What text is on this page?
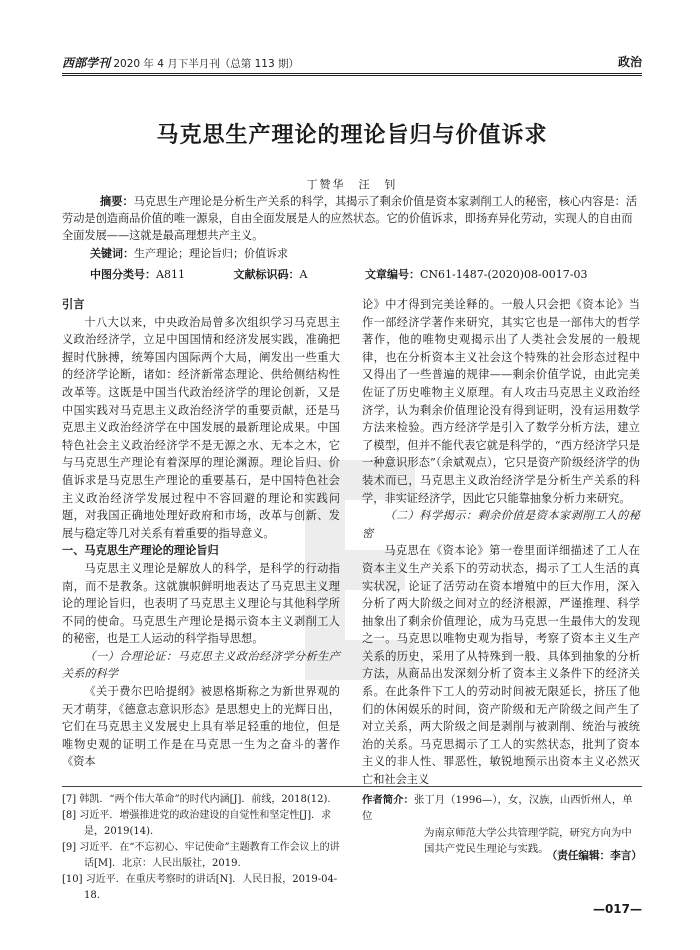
西部学刊 2020 年 4 月下半月刊（总第 113 期）	政治
马克思生产理论的理论旨归与价值诉求
丁赞华　汪　钊
摘要：马克思生产理论是分析生产关系的科学，其揭示了剩余价值是资本家剥削工人的秘密，核心内容是：活劳动是创造商品价值的唯一源泉，自由全面发展是人的应然状态。它的价值诉求，即扬弃异化劳动，实现人的自由而全面发展——这就是最高理想共产主义。
关键词：生产理论；理论旨归；价值诉求
中图分类号：A811	文献标识码：A	文章编号：CN61-1487-(2020)08-0017-03
引言

十八大以来，中央政治局曾多次组织学习马克思主义政治经济学，立足中国国情和经济发展实践，准确把握时代脉搏，统筹国内国际两个大局，阐发出一些重大的经济学论断，诸如：经济新常态理论、供给侧结构性改革等。这既是中国当代政治经济学的理论创新，又是中国实践对马克思主义政治经济学的重要贡献，还是马克思主义政治经济学在中国发展的最新理论成果。中国特色社会主义政治经济学不是无源之水、无本之木，它与马克思生产理论有着深厚的理论渊源。理论旨归、价值诉求是马克思生产理论的重要基石，是中国特色社会主义政治经济学发展过程中不容回避的理论和实践问题，对我国正确地处理好政府和市场，改革与创新、发展与稳定等几对关系有着重要的指导意义。

一、马克思生产理论的理论旨归

马克思主义理论是解放人的科学，是科学的行动指南，而不是教条。这就旗帜鲜明地表达了马克思主义理论的理论旨归，也表明了马克思主义理论与其他科学所不同的使命。马克思生产理论是揭示资本主义剥削工人的秘密，也是工人运动的科学指导思想。

（一）合理论证：马克思主义政治经济学分析生产关系的科学

《关于费尔巴哈提纲》被恩格斯称之为新世界观的天才萌芽，《德意志意识形态》是思想史上的光辉日出，它们在马克思主义发展史上具有举足轻重的地位，但是唯物史观的证明工作是在马克思一生为之奋斗的著作《资本

论》中才得到完美诠释的。一般人只会把《资本论》当作一部经济学著作来研究，其实它也是一部伟大的哲学著作，他的唯物史观揭示出了人类社会发展的一般规律，也在分析资本主义社会这个特殊的社会形态过程中又得出了一些普遍的规律——剩余价值学说，由此完美佐证了历史唯物主义原理。有人攻击马克思主义政治经济学，认为剩余价值理论没有得到证明，没有运用数学方法来检验。西方经济学是引入了数学分析方法，建立了模型，但并不能代表它就是科学的，“西方经济学只是一种意识形态”（余斌观点），它只是资产阶级经济学的伪装术而已，马克思主义政治经济学是分析生产关系的科学，非实证经济学，因此它只能靠抽象分析力来研究。

（二）科学揭示：剩余价值是资本家剥削工人的秘密

马克思在《资本论》第一卷里面详细描述了工人在资本主义生产关系下的劳动状态，揭示了工人生活的真实状况，论证了活劳动在资本增殖中的巨大作用，深入分析了两大阶级之间对立的经济根源，严谨推理、科学抽象出了剩余价值理论，成为马克思一生最伟大的发现之一。马克思以唯物史观为指导，考察了资本主义生产关系的历史，采用了从特殊到一般、具体到抽象的分析方法，从商品出发深刻分析了资本主义条件下的经济关系。在此条件下工人的劳动时间被无限延长，挤压了他们的休闲娱乐的时间，资产阶级和无产阶级之间产生了对立关系，两大阶级之间是剥削与被剥削、统治与被统治的关系。马克思揭示了工人的实然状态，批判了资本主义的非人性、罪恶性，敏锐地预示出资本主义必然灭亡和社会主义

[7] 韩凯．“两个伟大革命”的时代内涵[J]．前线，2018(12).
[8] 习近平．增强推进党的政治建设的自觉性和坚定性[J]．求是，2019(14).
[9] 习近平．在“不忘初心、牢记使命”主题教育工作会议上的讲话[M]．北京：人民出版社，2019.
[10] 习近平．在重庆考察时的讲话[N]．人民日报，2019-04-18.
作者简介：张丁月（1996—），女，汉族，山西忻州人，单位
为南京师范大学公共管理学院，研究方向为中国共产党民生理论与实践。
（责任编辑：李言）
—017—
